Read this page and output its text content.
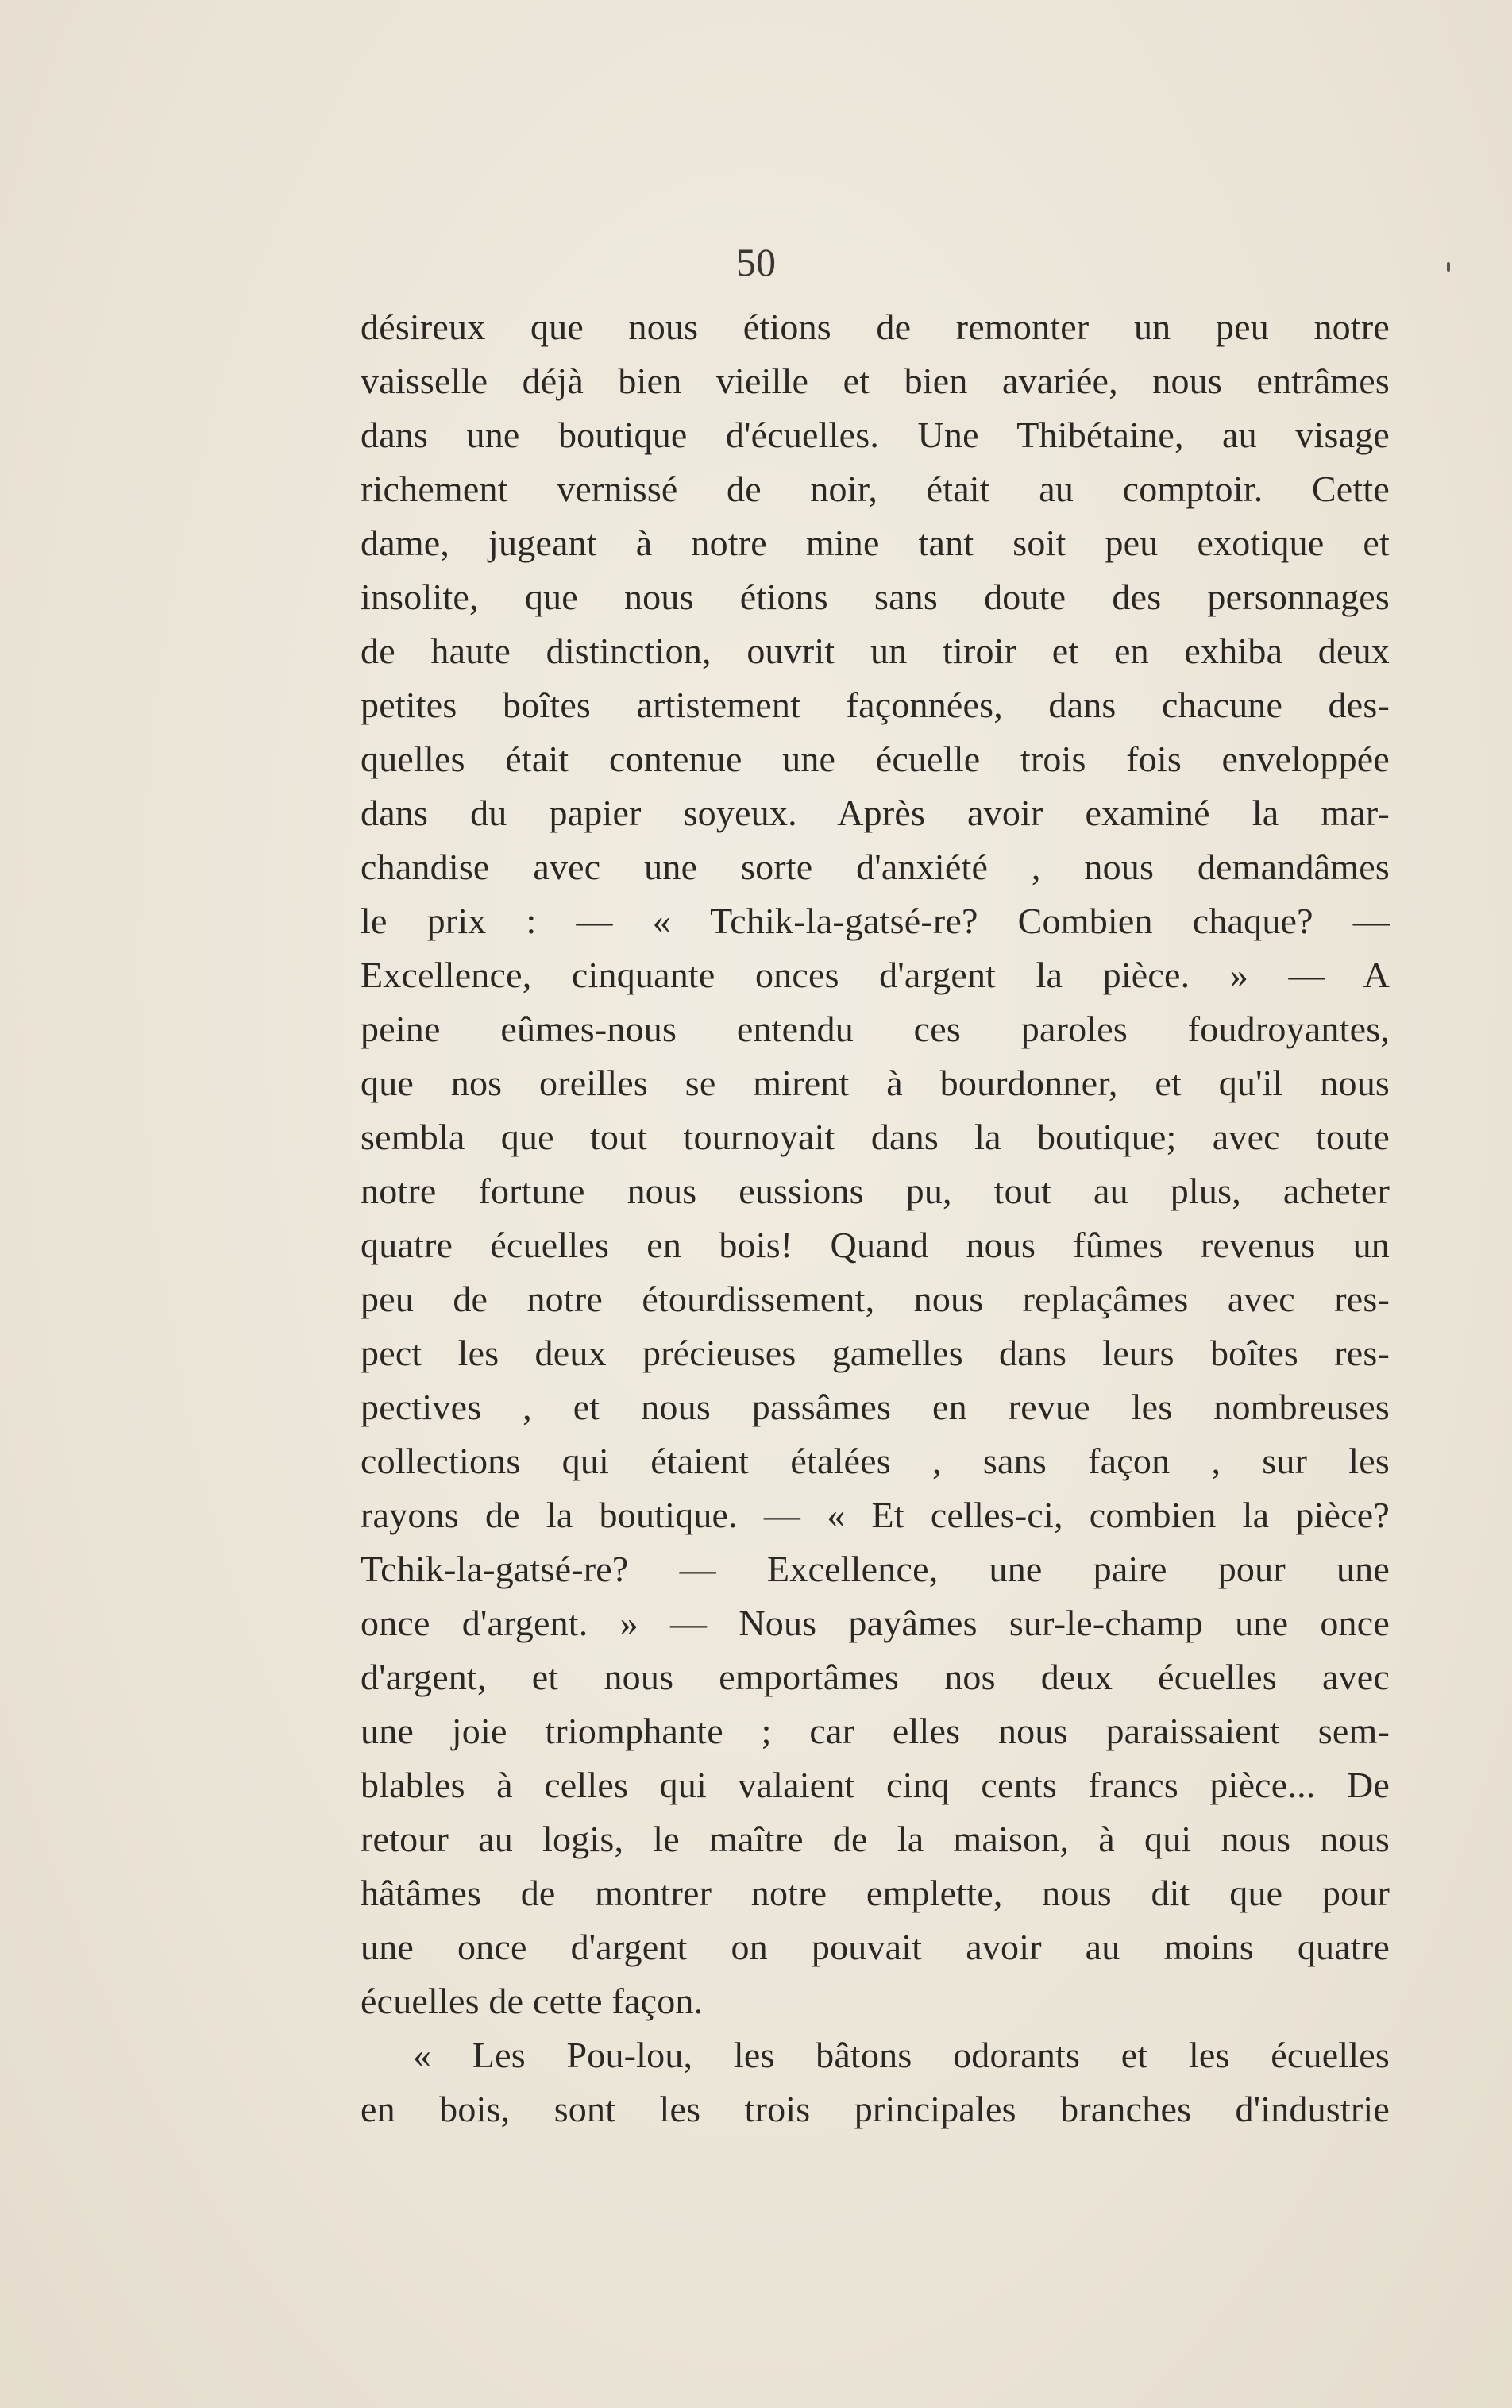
50
désireux que nous étions de remonter un peu notre
vaisselle déjà bien vieille et bien avariée, nous entrâmes
dans une boutique d'écuelles. Une Thibétaine, au visage
richement vernissé de noir, était au comptoir. Cette
dame, jugeant à notre mine tant soit peu exotique et
insolite, que nous étions sans doute des personnages
de haute distinction, ouvrit un tiroir et en exhiba deux
petites boîtes artistement façonnées, dans chacune des-
quelles était contenue une écuelle trois fois enveloppée
dans du papier soyeux. Après avoir examiné la mar-
chandise avec une sorte d'anxiété , nous demandâmes
le prix : — « Tchik-la-gatsé-re? Combien chaque? —
Excellence, cinquante onces d'argent la pièce. » — A
peine eûmes-nous entendu ces paroles foudroyantes,
que nos oreilles se mirent à bourdonner, et qu'il nous
sembla que tout tournoyait dans la boutique; avec toute
notre fortune nous eussions pu, tout au plus, acheter
quatre écuelles en bois! Quand nous fûmes revenus un
peu de notre étourdissement, nous replaçâmes avec res-
pect les deux précieuses gamelles dans leurs boîtes res-
pectives , et nous passâmes en revue les nombreuses
collections qui étaient étalées , sans façon , sur les
rayons de la boutique. — « Et celles-ci, combien la pièce?
Tchik-la-gatsé-re? — Excellence, une paire pour une
once d'argent. » — Nous payâmes sur-le-champ une once
d'argent, et nous emportâmes nos deux écuelles avec
une joie triomphante ; car elles nous paraissaient sem-
blables à celles qui valaient cinq cents francs pièce... De
retour au logis, le maître de la maison, à qui nous nous
hâtâmes de montrer notre emplette, nous dit que pour
une once d'argent on pouvait avoir au moins quatre
écuelles de cette façon.
« Les Pou-lou, les bâtons odorants et les écuelles
en bois, sont les trois principales branches d'industrie
